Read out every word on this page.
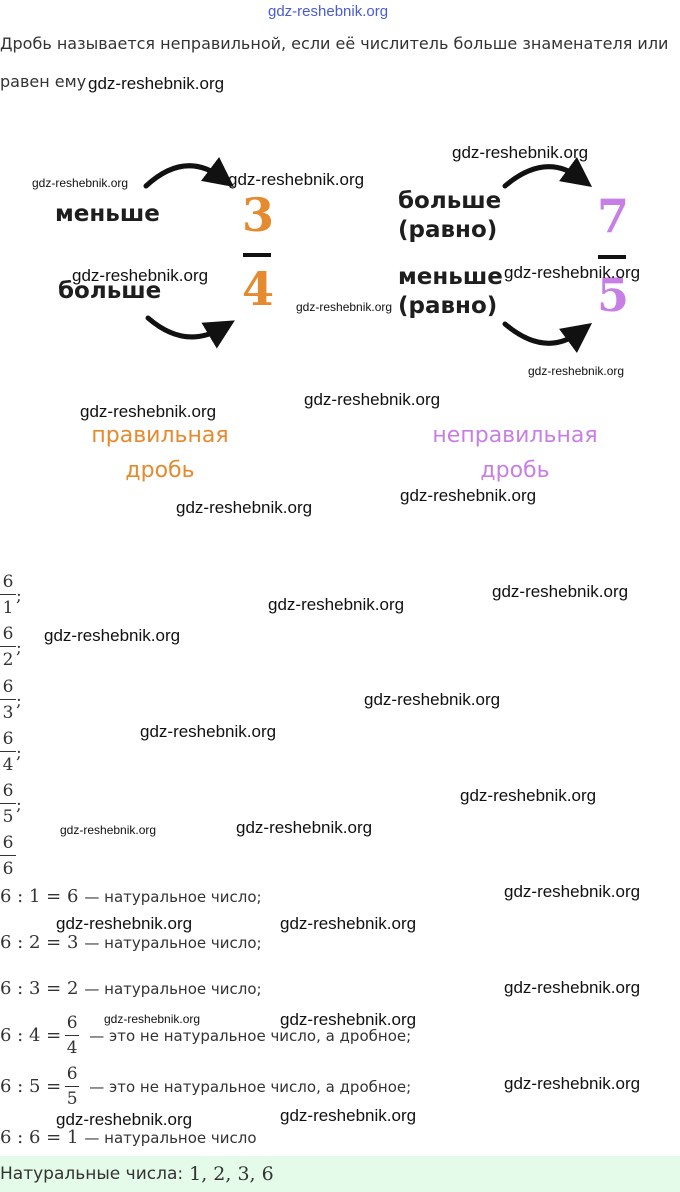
gdz-reshebnik.org
Дробь называется неправильной, если её числитель больше знаменателя или
равен ему
меньше
больше
3
4
правильная
дробь
больше
(равно)
меньше
(равно)
7
5
неправильная
дробь
6
1
;
6
2
;
6
3
;
6
4
;
6
5
;
6
6
6 : 1 = 6 — натуральное число;
6 : 2 = 3 — натуральное число;
6 : 3 = 2 — натуральное число;
6 : 4 =
6
4
— это не натуральное число, а дробное;
6 : 5 =
6
5
— это не натуральное число, а дробное;
6 : 6 = 1 — натуральное число
Натуральные числа: 1, 2, 3, 6
gdz-reshebnik.org
gdz-reshebnik.org	gdz-reshebnik.org
gdz-reshebnik.org
gdz-reshebnik.org
gdz-reshebnik.org
gdz-reshebnik.org
gdz-reshebnik.org
gdz-reshebnik.org
gdz-reshebnik.org
gdz-reshebnik.org
gdz-reshebnik.org
gdz-reshebnik.org
gdz-reshebnik.org
gdz-reshebnik.org
gdz-reshebnik.org
gdz-reshebnik.org
gdz-reshebnik.org
gdz-reshebnik.org	gdz-reshebnik.org
gdz-reshebnik.org
gdz-reshebnik.org	gdz-reshebnik.org
gdz-reshebnik.org
gdz-reshebnik.org	gdz-reshebnik.org
gdz-reshebnik.org
gdz-reshebnik.org	gdz-reshebnik.org
